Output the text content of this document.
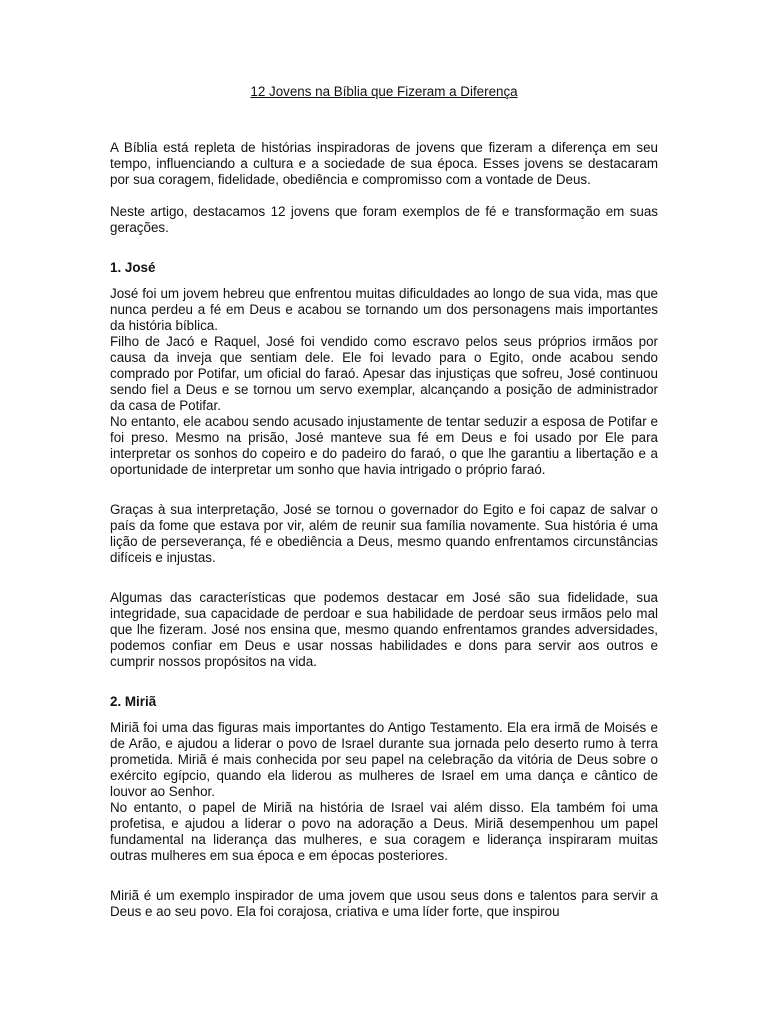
12 Jovens na Bíblia que Fizeram a Diferença

A Bíblia está repleta de histórias inspiradoras de jovens que fizeram a diferença em seu tempo, influenciando a cultura e a sociedade de sua época. Esses jovens se destacaram por sua coragem, fidelidade, obediência e compromisso com a vontade de Deus.

Neste artigo, destacamos 12 jovens que foram exemplos de fé e transformação em suas gerações.

1. José

José foi um jovem hebreu que enfrentou muitas dificuldades ao longo de sua vida, mas que nunca perdeu a fé em Deus e acabou se tornando um dos personagens mais importantes da história bíblica.

Filho de Jacó e Raquel, José foi vendido como escravo pelos seus próprios irmãos por causa da inveja que sentiam dele. Ele foi levado para o Egito, onde acabou sendo comprado por Potifar, um oficial do faraó. Apesar das injustiças que sofreu, José continuou sendo fiel a Deus e se tornou um servo exemplar, alcançando a posição de administrador da casa de Potifar.

No entanto, ele acabou sendo acusado injustamente de tentar seduzir a esposa de Potifar e foi preso. Mesmo na prisão, José manteve sua fé em Deus e foi usado por Ele para interpretar os sonhos do copeiro e do padeiro do faraó, o que lhe garantiu a libertação e a oportunidade de interpretar um sonho que havia intrigado o próprio faraó.

Graças à sua interpretação, José se tornou o governador do Egito e foi capaz de salvar o país da fome que estava por vir, além de reunir sua família novamente. Sua história é uma lição de perseverança, fé e obediência a Deus, mesmo quando enfrentamos circunstâncias difíceis e injustas.

Algumas das características que podemos destacar em José são sua fidelidade, sua integridade, sua capacidade de perdoar e sua habilidade de perdoar seus irmãos pelo mal que lhe fizeram. José nos ensina que, mesmo quando enfrentamos grandes adversidades, podemos confiar em Deus e usar nossas habilidades e dons para servir aos outros e cumprir nossos propósitos na vida.

2. Miriã

Miriã foi uma das figuras mais importantes do Antigo Testamento. Ela era irmã de Moisés e de Arão, e ajudou a liderar o povo de Israel durante sua jornada pelo deserto rumo à terra prometida. Miriã é mais conhecida por seu papel na celebração da vitória de Deus sobre o exército egípcio, quando ela liderou as mulheres de Israel em uma dança e cântico de louvor ao Senhor.

No entanto, o papel de Miriã na história de Israel vai além disso. Ela também foi uma profetisa, e ajudou a liderar o povo na adoração a Deus. Miriã desempenhou um papel fundamental na liderança das mulheres, e sua coragem e liderança inspiraram muitas outras mulheres em sua época e em épocas posteriores.

Miriã é um exemplo inspirador de uma jovem que usou seus dons e talentos para servir a Deus e ao seu povo. Ela foi corajosa, criativa e uma líder forte, que inspirou
